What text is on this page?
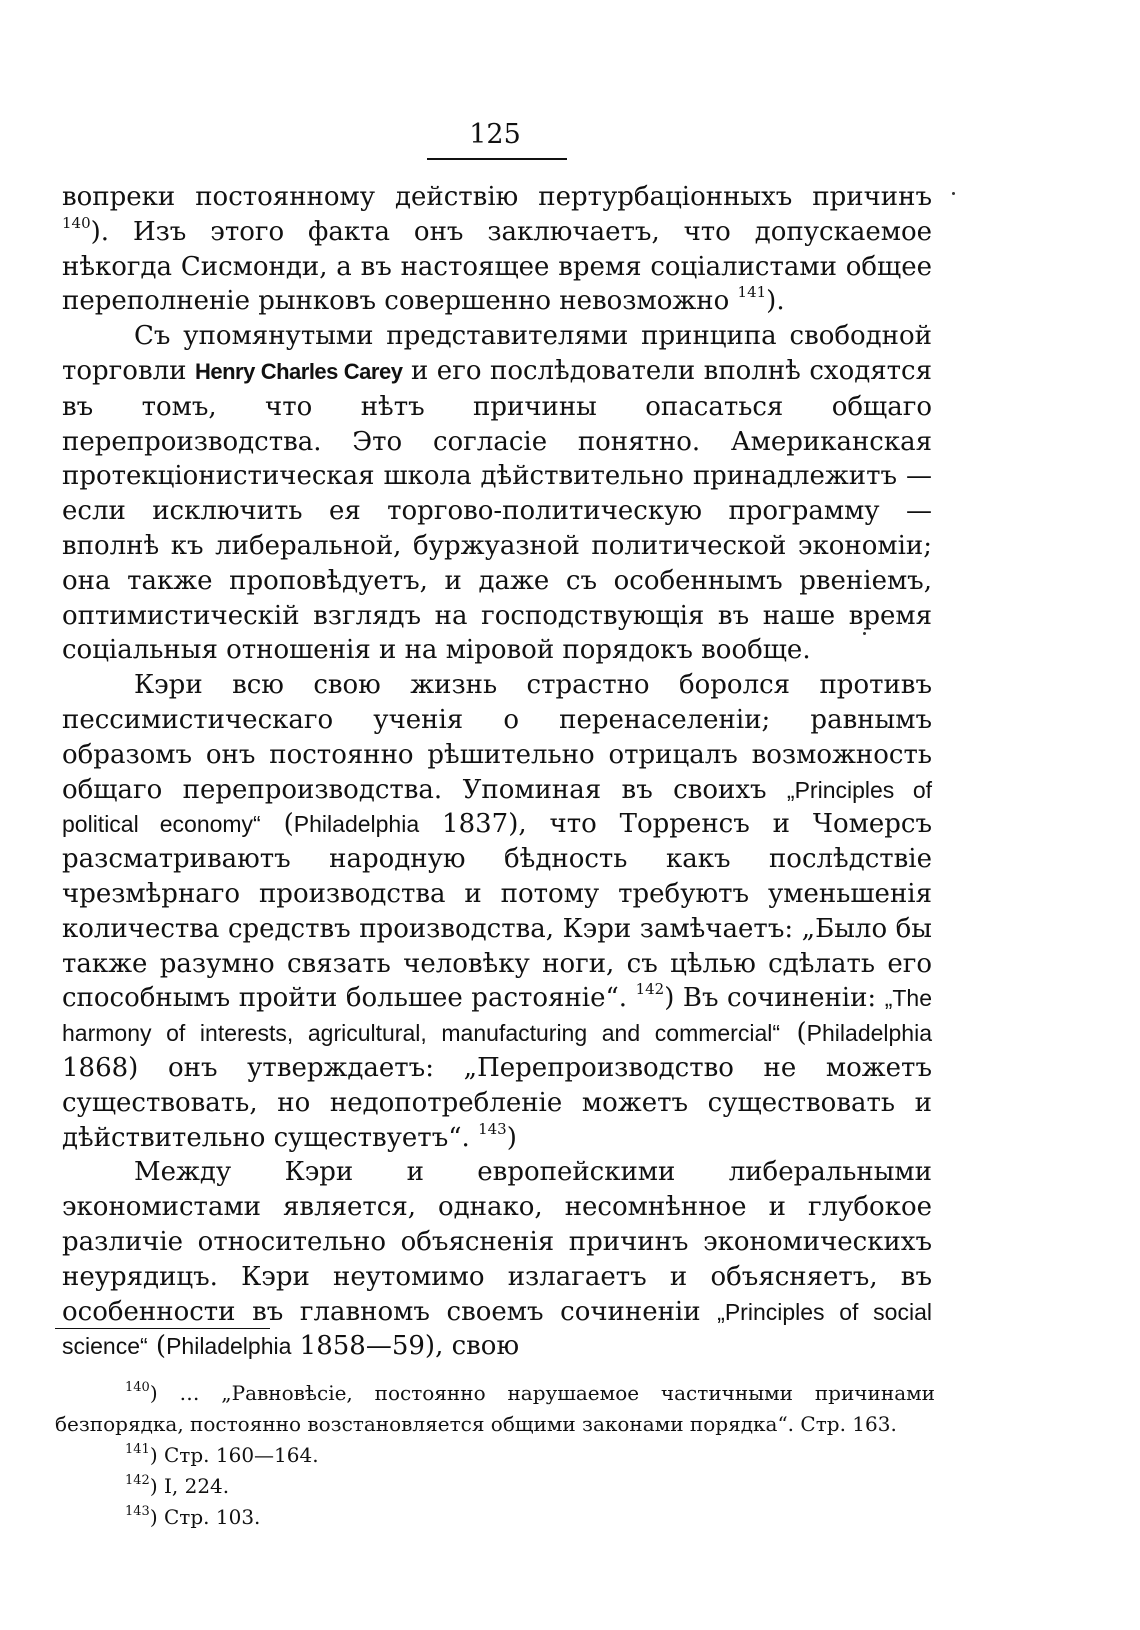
125

вопреки постоянному действію пертурбаціонныхъ причинъ $^{140}$). Изъ этого факта онъ заключаетъ, что допускаемое нѣкогда Сисмонди, а въ настоящее время соціалистами общее переполненіе рынковъ совершенно невозможно $^{141}$).

Съ упомянутыми представителями принципа свободной торговли Henry Charles Carey и его послѣдователи вполнѣ сходятся въ томъ, что нѣтъ причины опасаться общаго перепроизводства. Это согласіе понятно. Американская протекціонистическая школа дѣйствительно принадлежитъ — если исключить ея торгово-политическую программу — вполнѣ къ либеральной, буржуазной политической экономіи; она также проповѣдуетъ, и даже съ особеннымъ рвеніемъ, оптимистическій взглядъ на господствующія въ наше время соціальныя отношенія и на міровой порядокъ вообще.

Кэри всю свою жизнь страстно боролся противъ пессимистическаго ученія о перенаселеніи; равнымъ образомъ онъ постоянно рѣшительно отрицалъ возможность общаго перепроизводства. Упоминая въ своихъ „Principles of political economy“ (Philadelphia 1837), что Торренсъ и Чомерсъ разсматриваютъ народную бѣдность какъ послѣдствіе чрезмѣрнаго производства и потому требуютъ уменьшенія количества средствъ производства, Кэри замѣчаетъ: „Было бы также разумно связать человѣку ноги, съ цѣлью сдѣлать его способнымъ пройти большее растояніе“. $^{142}$) Въ сочиненіи: „The harmony of interests, agricultural, manufacturing and commercial“ (Philadelphia 1868) онъ утверждаетъ: „Перепроизводство не можетъ существовать, но недопотребленіе можетъ существовать и дѣйствительно существуетъ“. $^{143}$)

Между Кэри и европейскими либеральными экономистами является, однако, несомнѣнное и глубокое различіе относительно объясненія причинъ экономическихъ неурядицъ. Кэри неутомимо излагаетъ и объясняетъ, въ особенности въ главномъ своемъ сочиненіи „Principles of social science“ (Philadelphia 1858—59), свою

$^{140}$) … „Равновѣсіе, постоянно нарушаемое частичными причинами безпорядка, постоянно возстановляется общими законами порядка“. Стр. 163.

$^{141}$) Стр. 160—164.

$^{142}$) I, 224.

$^{143}$) Стр. 103.
